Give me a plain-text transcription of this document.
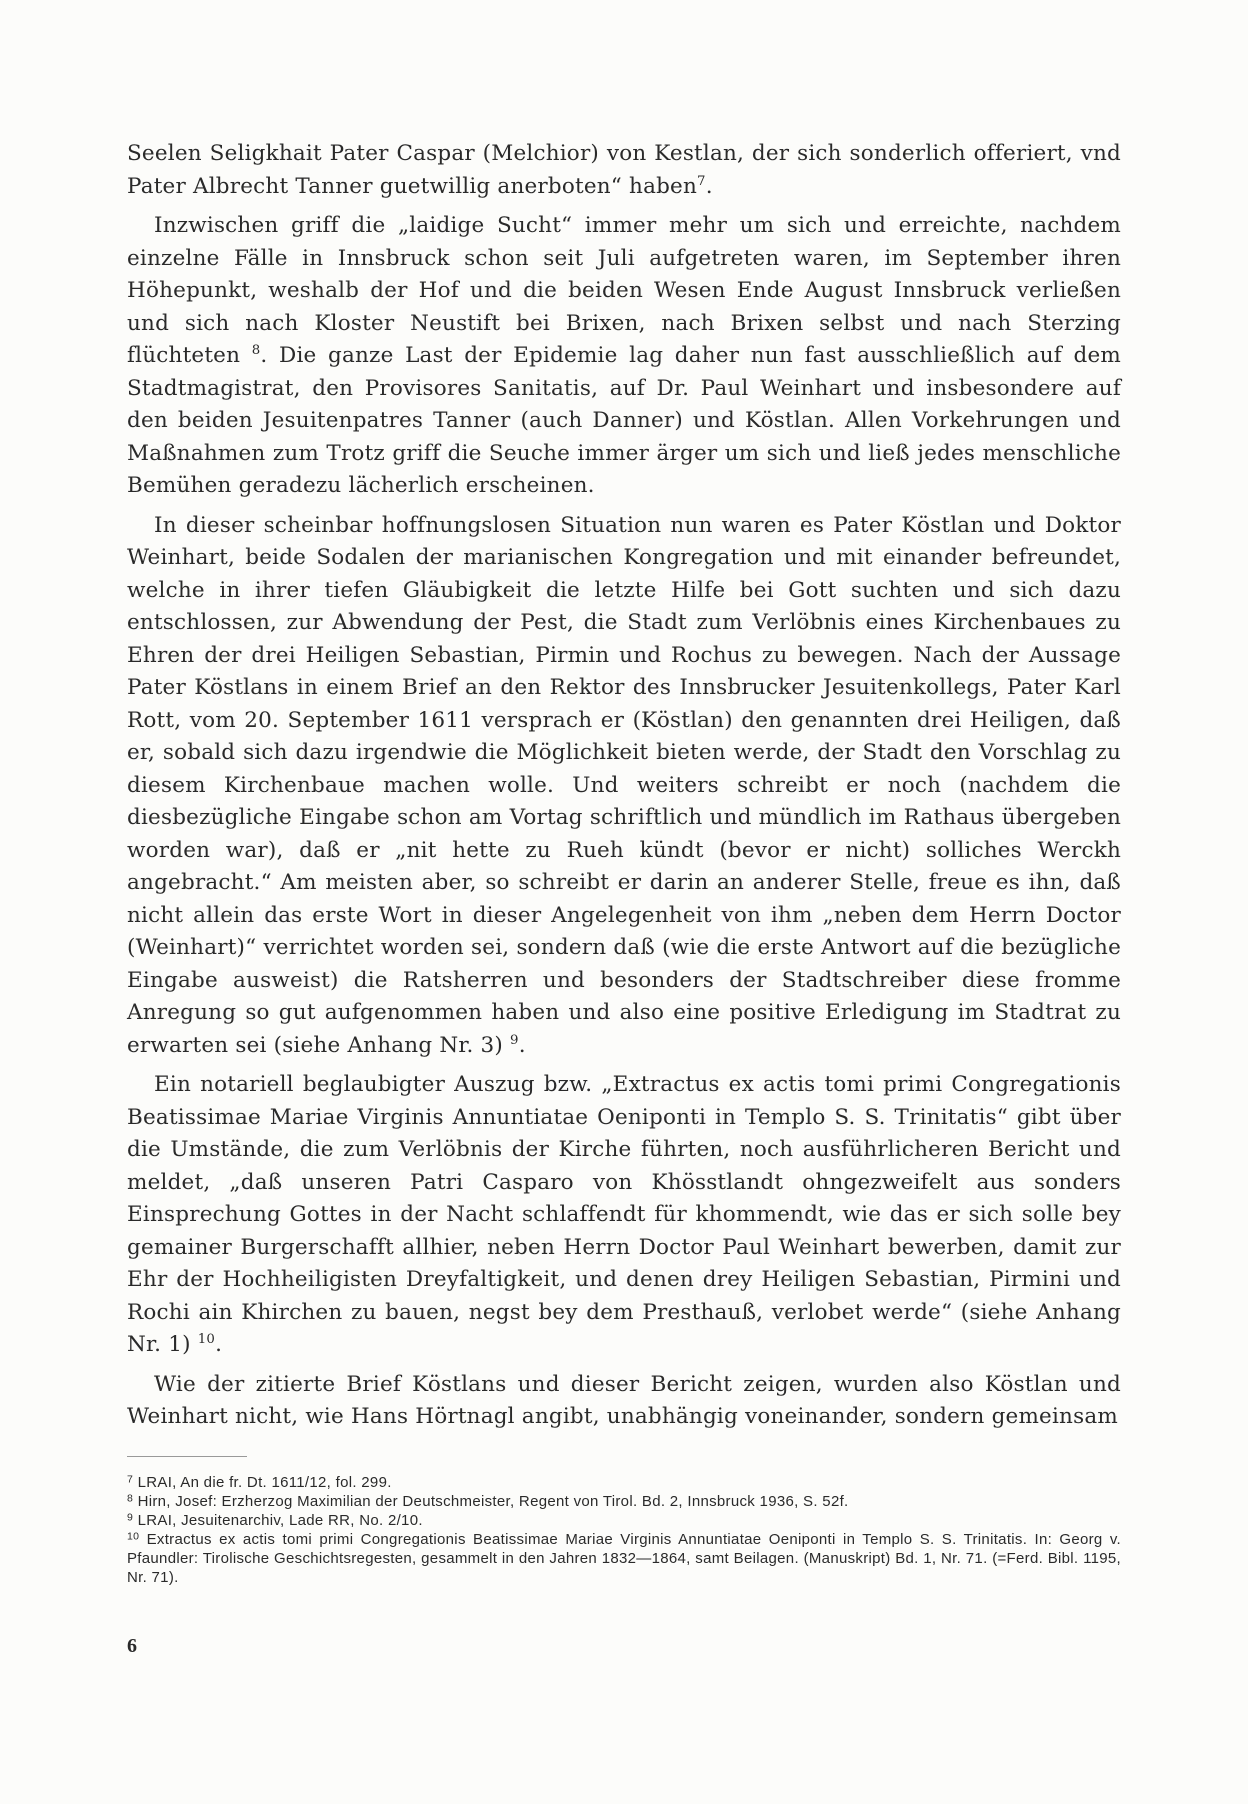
Seelen Seligkhait Pater Caspar (Melchior) von Kestlan, der sich sonderlich offeriert, vnd Pater Albrecht Tanner guetwillig anerboten“ haben$^7$.

Inzwischen griff die „laidige Sucht“ immer mehr um sich und erreichte, nachdem einzelne Fälle in Innsbruck schon seit Juli aufgetreten waren, im September ihren Höhepunkt, weshalb der Hof und die beiden Wesen Ende August Innsbruck verließen und sich nach Kloster Neustift bei Brixen, nach Brixen selbst und nach Sterzing flüchteten $^8$. Die ganze Last der Epidemie lag daher nun fast ausschließlich auf dem Stadtmagistrat, den Provisores Sanitatis, auf Dr. Paul Weinhart und insbesondere auf den beiden Jesuitenpatres Tanner (auch Danner) und Köstlan. Allen Vorkehrungen und Maßnahmen zum Trotz griff die Seuche immer ärger um sich und ließ jedes menschliche Bemühen geradezu lächerlich erscheinen.

In dieser scheinbar hoffnungslosen Situation nun waren es Pater Köstlan und Doktor Weinhart, beide Sodalen der marianischen Kongregation und mit einander befreundet, welche in ihrer tiefen Gläubigkeit die letzte Hilfe bei Gott suchten und sich dazu entschlossen, zur Abwendung der Pest, die Stadt zum Verlöbnis eines Kirchenbaues zu Ehren der drei Heiligen Sebastian, Pirmin und Rochus zu bewegen. Nach der Aussage Pater Köstlans in einem Brief an den Rektor des Innsbrucker Jesuitenkollegs, Pater Karl Rott, vom 20. September 1611 versprach er (Köstlan) den genannten drei Heiligen, daß er, sobald sich dazu irgendwie die Möglichkeit bieten werde, der Stadt den Vorschlag zu diesem Kirchenbaue machen wolle. Und weiters schreibt er noch (nachdem die diesbezügliche Eingabe schon am Vortag schriftlich und mündlich im Rathaus übergeben worden war), daß er „nit hette zu Rueh kündt (bevor er nicht) solliches Werckh angebracht.“ Am meisten aber, so schreibt er darin an anderer Stelle, freue es ihn, daß nicht allein das erste Wort in dieser Angelegenheit von ihm „neben dem Herrn Doctor (Weinhart)“ verrichtet worden sei, sondern daß (wie die erste Antwort auf die bezügliche Eingabe ausweist) die Ratsherren und besonders der Stadtschreiber diese fromme Anregung so gut aufgenommen haben und also eine positive Erledigung im Stadtrat zu erwarten sei (siehe Anhang Nr. 3) $^9$.

Ein notariell beglaubigter Auszug bzw. „Extractus ex actis tomi primi Congregationis Beatissimae Mariae Virginis Annuntiatae Oeniponti in Templo S. S. Trinitatis“ gibt über die Umstände, die zum Verlöbnis der Kirche führten, noch ausführlicheren Bericht und meldet, „daß unseren Patri Casparo von Khösstlandt ohngezweifelt aus sonders Einsprechung Gottes in der Nacht schlaffendt für khommendt, wie das er sich solle bey gemainer Burgerschafft allhier, neben Herrn Doctor Paul Weinhart bewerben, damit zur Ehr der Hochheiligisten Dreyfaltigkeit, und denen drey Heiligen Sebastian, Pirmini und Rochi ain Khirchen zu bauen, negst bey dem Presthauß, verlobet werde“ (siehe Anhang Nr. 1) $^{10}$.

Wie der zitierte Brief Köstlans und dieser Bericht zeigen, wurden also Köstlan und Weinhart nicht, wie Hans Hörtnagl angibt, unabhängig voneinander, sondern gemeinsam

$^7$ LRAI, An die fr. Dt. 1611/12, fol. 299.

$^8$ Hirn, Josef: Erzherzog Maximilian der Deutschmeister, Regent von Tirol. Bd. 2, Innsbruck 1936, S. 52f.

$^9$ LRAI, Jesuitenarchiv, Lade RR, No. 2/10.

$^{10}$ Extractus ex actis tomi primi Congregationis Beatissimae Mariae Virginis Annuntiatae Oeniponti in Templo S. S. Trinitatis. In: Georg v. Pfaundler: Tirolische Geschichtsregesten, gesammelt in den Jahren 1832—1864, samt Beilagen. (Manuskript) Bd. 1, Nr. 71. (=Ferd. Bibl. 1195, Nr. 71).

6
